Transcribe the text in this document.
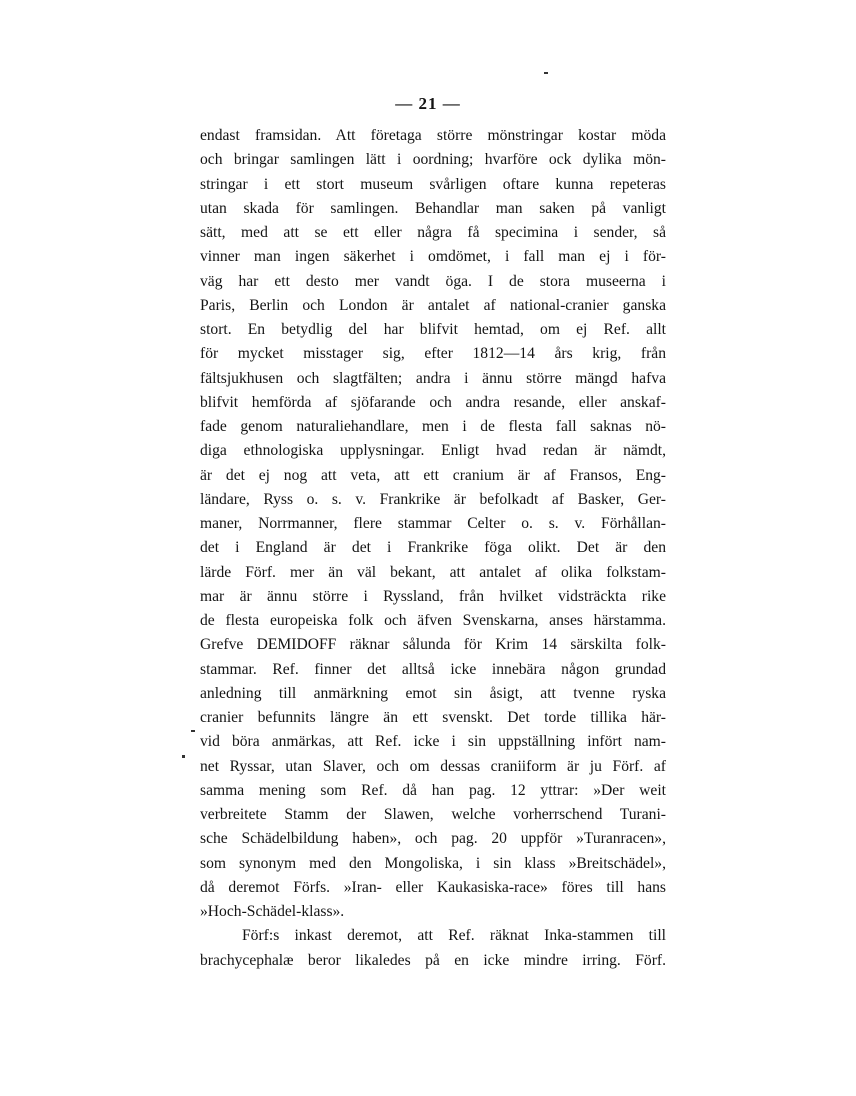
— 21 —
endast framsidan. Att företaga större mönstringar kostar möda
och bringar samlingen lätt i oordning; hvarföre ock dylika mön-
stringar i ett stort museum svårligen oftare kunna repeteras
utan skada för samlingen. Behandlar man saken på vanligt
sätt, med att se ett eller några få specimina i sender, så
vinner man ingen säkerhet i omdömet, i fall man ej i för-
väg har ett desto mer vandt öga. I de stora museerna i
Paris, Berlin och London är antalet af national-cranier ganska
stort. En betydlig del har blifvit hemtad, om ej Ref. allt
för mycket misstager sig, efter 1812—14 års krig, från
fältsjukhusen och slagtfälten; andra i ännu större mängd hafva
blifvit hemförda af sjöfarande och andra resande, eller anskaf-
fade genom naturaliehandlare, men i de flesta fall saknas nö-
diga ethnologiska upplysningar. Enligt hvad redan är nämdt,
är det ej nog att veta, att ett cranium är af Fransos, Eng-
ländare, Ryss o. s. v. Frankrike är befolkadt af Basker, Ger-
maner, Norrmanner, flere stammar Celter o. s. v. Förhållan-
det i England är det i Frankrike föga olikt. Det är den
lärde Förf. mer än väl bekant, att antalet af olika folkstam-
mar är ännu större i Ryssland, från hvilket vidsträckta rike
de flesta europeiska folk och äfven Svenskarna, anses härstamma.
Grefve DEMIDOFF räknar sålunda för Krim 14 särskilta folk-
stammar. Ref. finner det alltså icke innebära någon grundad
anledning till anmärkning emot sin åsigt, att tvenne ryska
cranier befunnits längre än ett svenskt. Det torde tillika här-
vid böra anmärkas, att Ref. icke i sin uppställning infört nam-
net Ryssar, utan Slaver, och om dessas craniiform är ju Förf. af
samma mening som Ref. då han pag. 12 yttrar: »Der weit
verbreitete Stamm der Slawen, welche vorherrschend Turani-
sche Schädelbildung haben», och pag. 20 uppför »Turanracen»,
som synonym med den Mongoliska, i sin klass »Breitschädel»,
då deremot Förfs. »Iran- eller Kaukasiska-race» föres till hans
»Hoch-Schädel-klass».
Förf:s inkast deremot, att Ref. räknat Inka-stammen till
brachycephalæ beror likaledes på en icke mindre irring. Förf.
